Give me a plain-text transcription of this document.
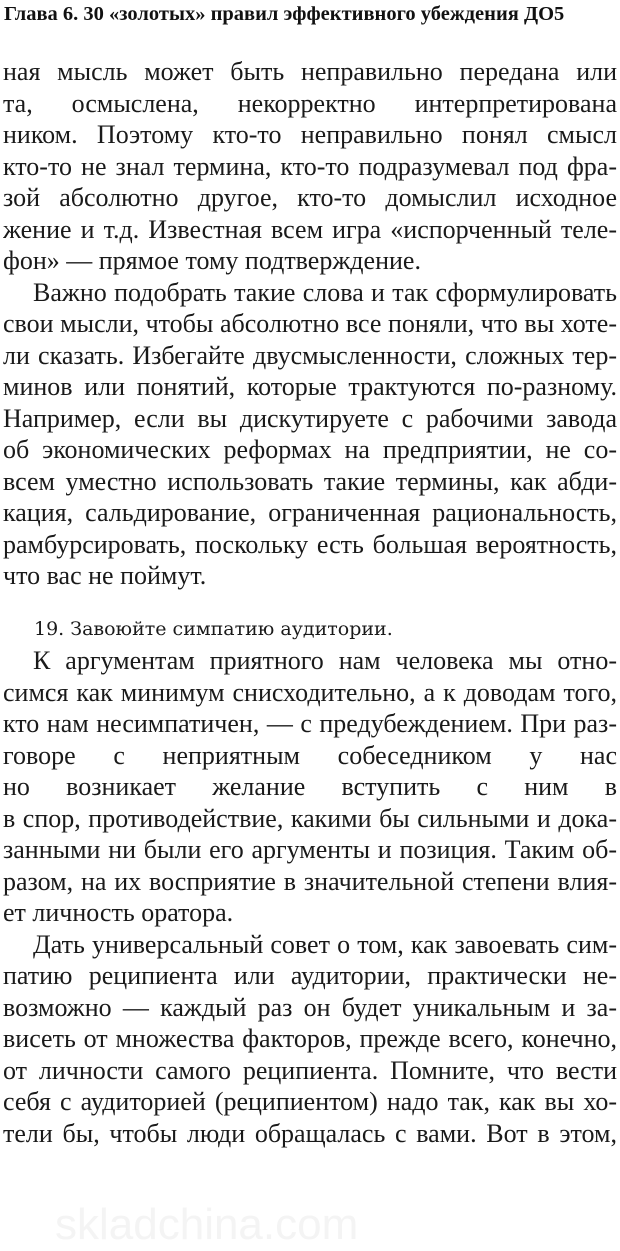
Глава 6. 30 «золотых» правил эффективного убеждения ДО5
ная мысль может быть неправильно передана или
та, осмыслена, некорректно интерпретирована
ником. Поэтому кто-то неправильно понял смысл
кто-то не знал термина, кто-то подразумевал под фра-
зой абсолютно другое, кто-то домыслил исходное
жение и т.д. Известная всем игра «испорченный теле-
фон» — прямое тому подтверждение.
Важно подобрать такие слова и так сформулировать
свои мысли, чтобы абсолютно все поняли, что вы хоте-
ли сказать. Избегайте двусмысленности, сложных тер-
минов или понятий, которые трактуются по-разному.
Например, если вы дискутируете с рабочими завода
об экономических реформах на предприятии, не со-
всем уместно использовать такие термины, как абди-
кация, сальдирование, ограниченная рациональность,
рамбурсировать, поскольку есть большая вероятность,
что вас не поймут.
19. Завоюйте симпатию аудитории.
К аргументам приятного нам человека мы отно-
симся как минимум снисходительно, а к доводам того,
кто нам несимпатичен, — с предубеждением. При раз-
говоре с неприятным собеседником у нас
но возникает желание вступить с ним в
в спор, противодействие, какими бы сильными и дока-
занными ни были его аргументы и позиция. Таким об-
разом, на их восприятие в значительной степени влия-
ет личность оратора.
Дать универсальный совет о том, как завоевать сим-
патию реципиента или аудитории, практически не-
возможно — каждый раз он будет уникальным и за-
висеть от множества факторов, прежде всего, конечно,
от личности самого реципиента. Помните, что вести
себя с аудиторией (реципиентом) надо так, как вы хо-
тели бы, чтобы люди обращалась с вами. Вот в этом,
skladchina.com
